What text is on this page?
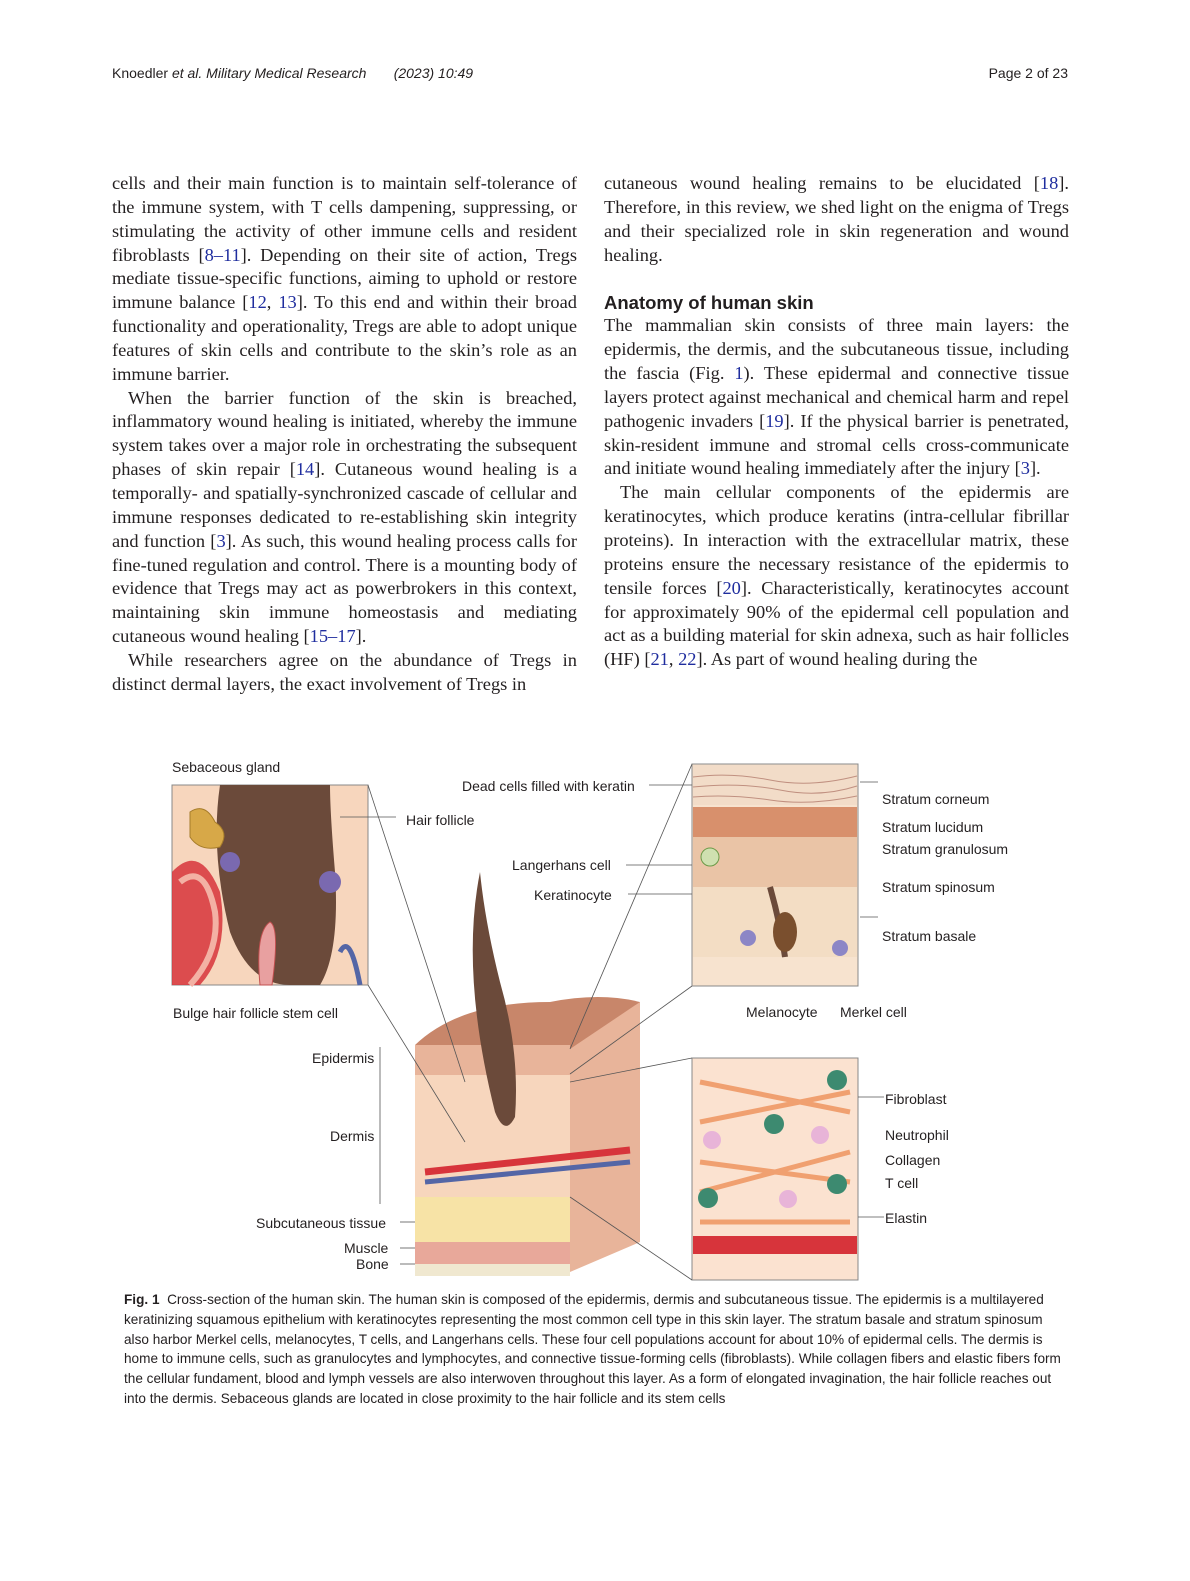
Knoedler et al. Military Medical Research (2023) 10:49	Page 2 of 23

cells and their main function is to maintain self-tolerance of the immune system, with T cells dampening, suppressing, or stimulating the activity of other immune cells and resident fibroblasts [8–11]. Depending on their site of action, Tregs mediate tissue-specific functions, aiming to uphold or restore immune balance [12, 13]. To this end and within their broad functionality and operationality, Tregs are able to adopt unique features of skin cells and contribute to the skin’s role as an immune barrier.

When the barrier function of the skin is breached, inflammatory wound healing is initiated, whereby the immune system takes over a major role in orchestrating the subsequent phases of skin repair [14]. Cutaneous wound healing is a temporally- and spatially-synchronized cascade of cellular and immune responses dedicated to re-establishing skin integrity and function [3]. As such, this wound healing process calls for fine-tuned regulation and control. There is a mounting body of evidence that Tregs may act as powerbrokers in this context, maintaining skin immune homeostasis and mediating cutaneous wound healing [15–17].

While researchers agree on the abundance of Tregs in distinct dermal layers, the exact involvement of Tregs in

cutaneous wound healing remains to be elucidated [18]. Therefore, in this review, we shed light on the enigma of Tregs and their specialized role in skin regeneration and wound healing.

Anatomy of human skin

The mammalian skin consists of three main layers: the epidermis, the dermis, and the subcutaneous tissue, including the fascia (Fig. 1). These epidermal and connective tissue layers protect against mechanical and chemical harm and repel pathogenic invaders [19]. If the physical barrier is penetrated, skin-resident immune and stromal cells cross-communicate and initiate wound healing immediately after the injury [3].

The main cellular components of the epidermis are keratinocytes, which produce keratins (intra-cellular fibrillar proteins). In interaction with the extracellular matrix, these proteins ensure the necessary resistance of the epidermis to tensile forces [20]. Characteristically, keratinocytes account for approximately 90% of the epidermal cell population and act as a building material for skin adnexa, such as hair follicles (HF) [21, 22]. As part of wound healing during the

Sebaceous gland
Dead cells filled with keratin
Hair follicle
Langerhans cell
Keratinocyte
Bulge hair follicle stem cell
Epidermis
Dermis
Subcutaneous tissue
Muscle
Bone
Stratum corneum
Stratum lucidum
Stratum granulosum
Stratum spinosum
Stratum basale
Melanocyte Merkel cell
Fibroblast
Neutrophil
Collagen
T cell
Elastin
Fig. 1 Cross-section of the human skin. The human skin is composed of the epidermis, dermis and subcutaneous tissue. The epidermis is a multilayered keratinizing squamous epithelium with keratinocytes representing the most common cell type in this skin layer. The stratum basale and stratum spinosum also harbor Merkel cells, melanocytes, T cells, and Langerhans cells. These four cell populations account for about 10% of epidermal cells. The dermis is home to immune cells, such as granulocytes and lymphocytes, and connective tissue-forming cells (fibroblasts). While collagen fibers and elastic fibers form the cellular fundament, blood and lymph vessels are also interwoven throughout this layer. As a form of elongated invagination, the hair follicle reaches out into the dermis. Sebaceous glands are located in close proximity to the hair follicle and its stem cells
